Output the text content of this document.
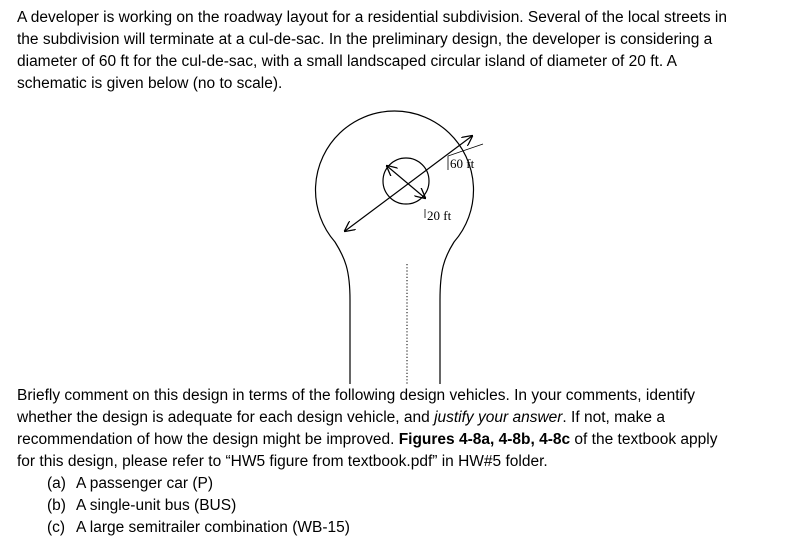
A developer is working on the roadway layout for a residential subdivision. Several of the local streets in
the subdivision will terminate at a cul-de-sac. In the preliminary design, the developer is considering a
diameter of 60 ft for the cul-de-sac, with a small landscaped circular island of diameter of 20 ft. A
schematic is given below (no to scale).
60 ft
20 ft
Briefly comment on this design in terms of the following design vehicles. In your comments, identify
whether the design is adequate for each design vehicle, and justify your answer. If not, make a
recommendation of how the design might be improved. Figures 4-8a, 4-8b, 4-8c of the textbook apply
for this design, please refer to “HW5 figure from textbook.pdf” in HW#5 folder.
(a) A passenger car (P)
(b) A single-unit bus (BUS)
(c) A large semitrailer combination (WB-15)
